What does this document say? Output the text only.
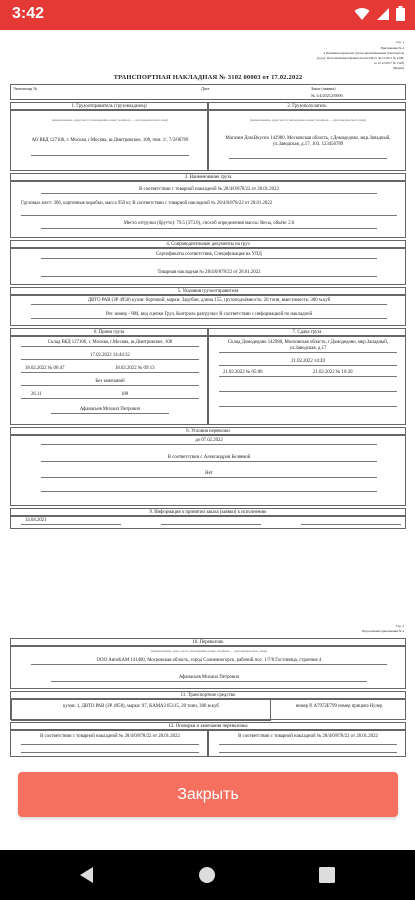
3:42
Стр. 1
Приложение № 4
к Правилам перевозок грузов автомобильным транспортом
(в ред. Постановления Правительства РФ от 30.12.2011 № 1208,
от 12.12.2017 № 1529)
(Форма)
ТРАНСПОРТНАЯ НАКЛАДНАЯ № 3102 00003 от 17.02.2022
Экземпляр №	Дата	Заказ (заявка)
№ 1/4/20212/0006
1. Грузоотправитель (грузовладелец)	2. Грузополучатель
(наименование, адрес места нахождения, номер телефона — для юридического лица)
АО ВБД 127106, г. Москва, г.Москва, ш.Дмитровское, 108, пом. 1/, 7/3/06789
(наименование, адрес места нахождения, номер телефона — для юридического лица)
Магазин Дом.Вкусно 142980, Московская область, г.Домодедово, мкр.Западный, ул.Заводская, д.17, 103, 123456789
3. Наименование груза
В соответствии с товарной накладной № 28/4/0/878/22 от 28.01.2022
Грузовых мест: 306, картонные коробки, масса 950 кг, В соответствии с товарной накладной № 28/4/0/878/22 от 28.01.2022
Место отгрузки (брутто): 79.5 (373.6), способ определения массы: Весы, объём: 2.0
4. Сопроводительные документы на груз
Сертификаты соответствия, Спецификация на УПД
Товарная накладная № 28/4/0/878/22 от 28.01.2022
5. Указания грузоотправителя
ДВТО РАВ (ЗР 4958) кузов: бортовой, марки: Зарубин, длина 155, грузоподъёмность: 20 тонн, вместимость: 300 м.куб
Рег. номер - ЧМ, вид сцепки Груз, Контроль разгрузки: В соответствии с информацией по накладной
6. Прием груза	7. Сдача груза
Склад ВБД 127106, г. Москва, г.Москва, ш.Дмитровское, 108
17.02.2022 14:44:32
18.02.2022 № 06:47	18.02.2022 № 09:13
Без замечаний
26.11	188
Афанасьев Михаил Петрович
Склад Домодедово 142980, Московская область, г.Домодедово, мкр.Западный, ул.Заводская, д.17
21.02.2022 14:20
21.02.2022 № 05:00	21.02.2022 № 10:20
8. Условия перевозки
до 07.02.2022
В соответствии с Александров Беляевой
Нет
9. Информация о принятии заказа (заявки) к исполнению
14.04.2021
Стр. 2
Продолжение приложения № 4
10. Перевозчик
(наименование, адрес места нахождения, номер телефона — для юридического лица)
ООО АвтоКАМ 141400, Московская область, город Солнечногорск, рабочий пос. 1/7/8 Гостиница, строение 4
Афанасьев Михаил Петрович
11. Транспортное средство
кузов: 1, ДВТО РАВ (ЗР 4958), марки: 97, КАМАЗ 65115, 20 тонн, 300 м.куб	номер Р, А7972Е799 номер прицепа Нулер
12. Оговорки и замечания перевозчика
В соответствии с товарной накладной № 28/4/0/878/22 от 28.01.2022	В соответствии с товарной накладной № 28/4/0/878/22 от 28.01.2022
Закрыть
